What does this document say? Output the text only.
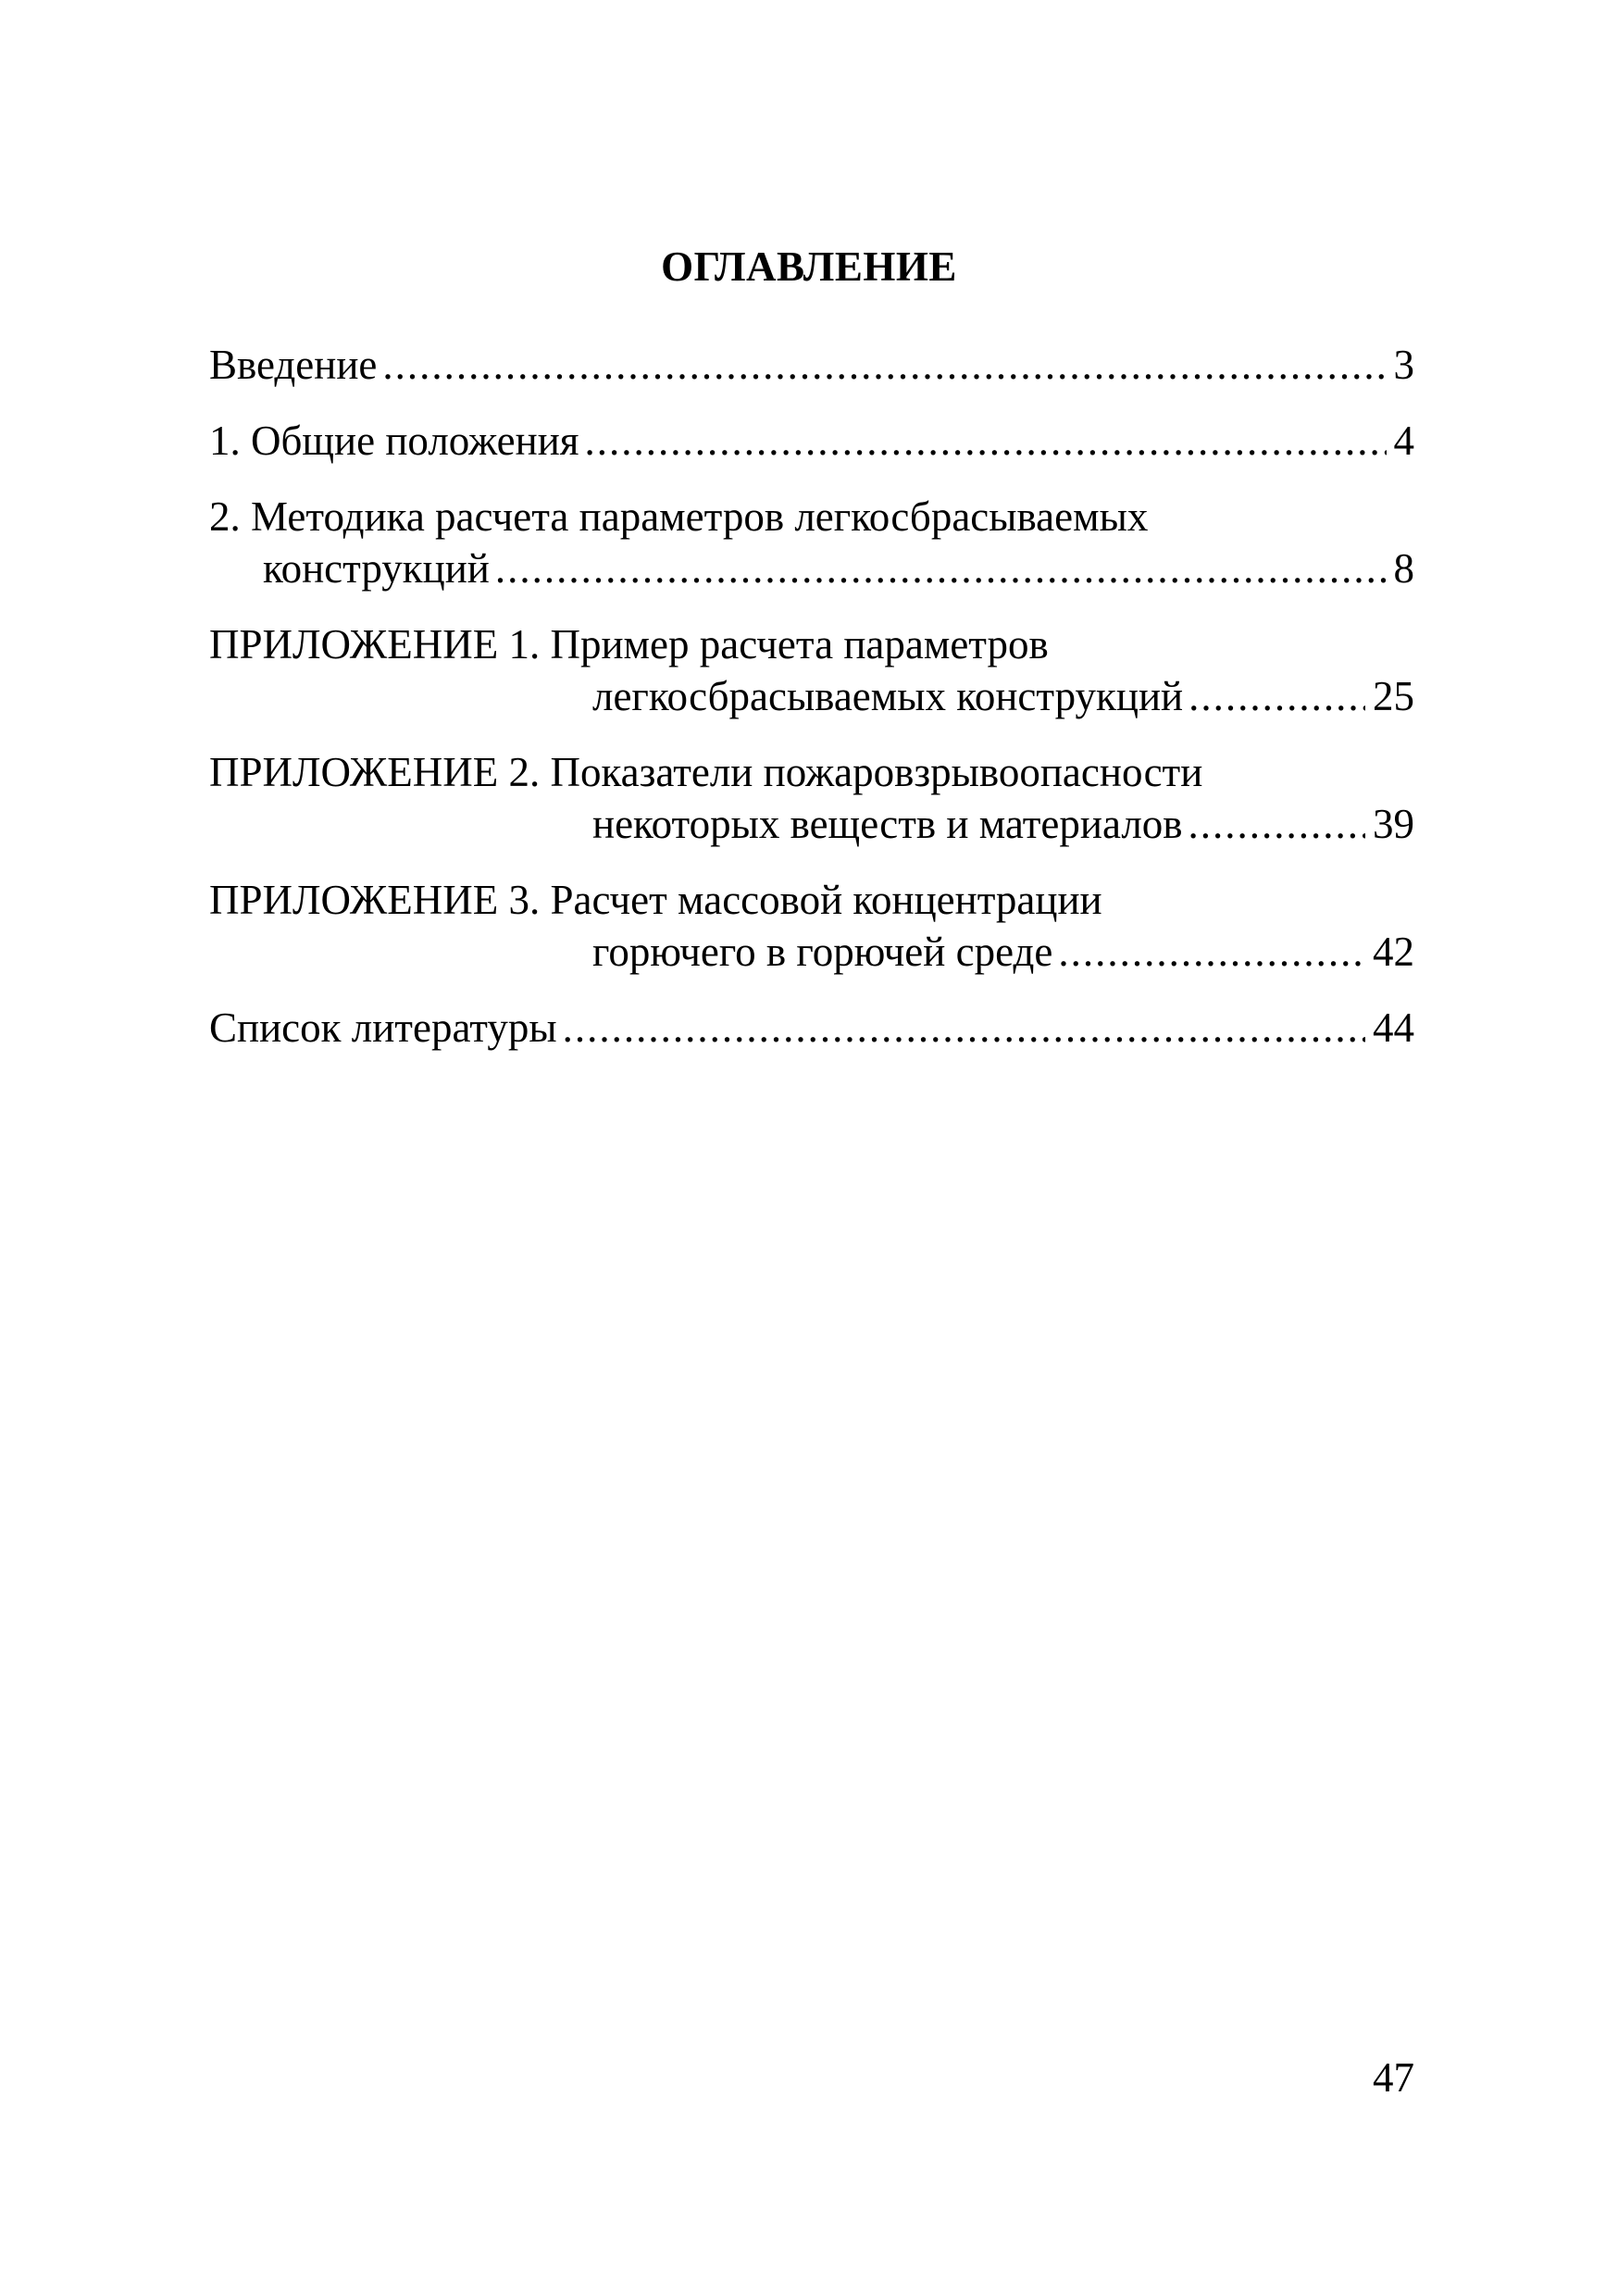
ОГЛАВЛЕНИЕ
Введение .....	3
1. Общие положения .....	4
2. Методика расчета параметров легкосбрасываемых
конструкций .....	8
ПРИЛОЖЕНИЕ 1. Пример расчета параметров
легкосбрасываемых конструкций .....	25
ПРИЛОЖЕНИЕ 2. Показатели пожаровзрывоопасности
некоторых веществ и материалов .....	39
ПРИЛОЖЕНИЕ 3. Расчет массовой концентрации
горючего в горючей среде .....	42
Список литературы .....	44
47
